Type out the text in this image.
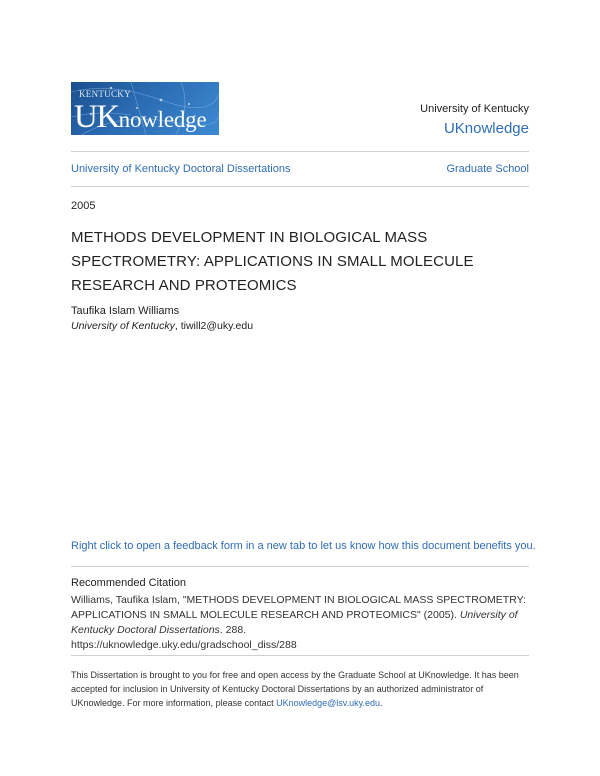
KENTUCKY
UKnowledge	University of Kentucky
UKnowledge
University of Kentucky Doctoral Dissertations	Graduate School
2005
METHODS DEVELOPMENT IN BIOLOGICAL MASS SPECTROMETRY: APPLICATIONS IN SMALL MOLECULE RESEARCH AND PROTEOMICS
Taufika Islam Williams
University of Kentucky, tiwill2@uky.edu
Right click to open a feedback form in a new tab to let us know how this document benefits you.
Recommended Citation
Williams, Taufika Islam, "METHODS DEVELOPMENT IN BIOLOGICAL MASS SPECTROMETRY: APPLICATIONS IN SMALL MOLECULE RESEARCH AND PROTEOMICS" (2005). University of Kentucky Doctoral Dissertations. 288.
https://uknowledge.uky.edu/gradschool_diss/288
This Dissertation is brought to you for free and open access by the Graduate School at UKnowledge. It has been accepted for inclusion in University of Kentucky Doctoral Dissertations by an authorized administrator of UKnowledge. For more information, please contact UKnowledge@lsv.uky.edu.
